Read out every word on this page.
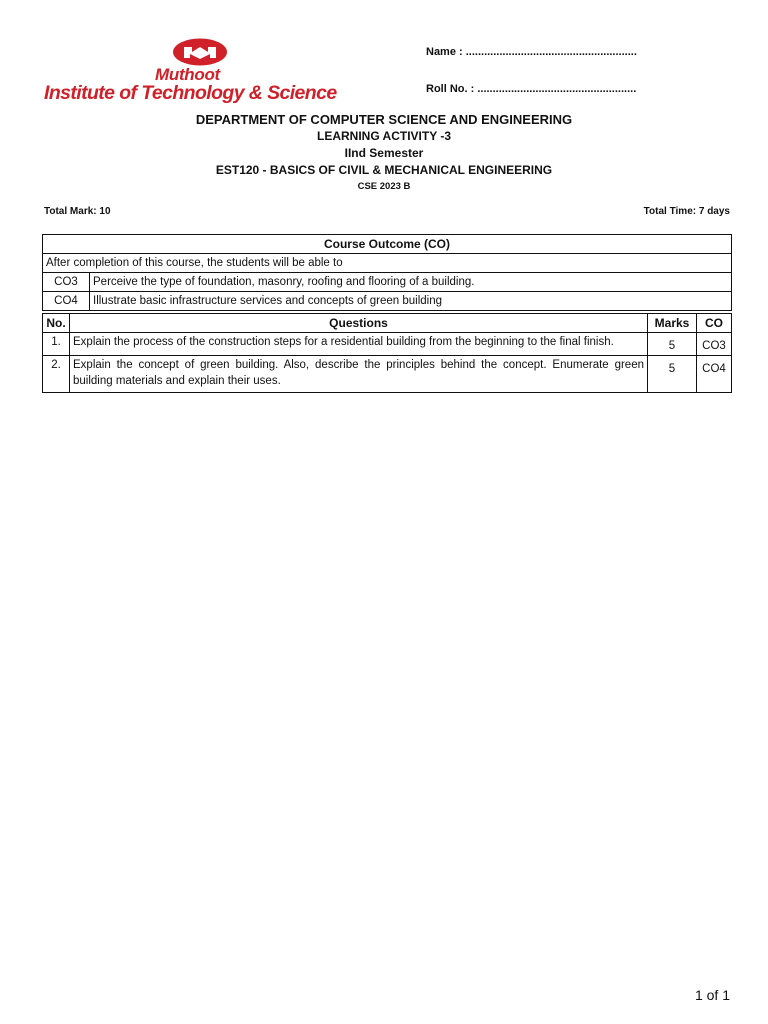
Muthoot
Institute of Technology & Science
Name : ........................................................
Roll No. : ....................................................
DEPARTMENT OF COMPUTER SCIENCE AND ENGINEERING
LEARNING ACTIVITY -3
IInd Semester
EST120 - BASICS OF CIVIL & MECHANICAL ENGINEERING
CSE 2023 B
Total Mark: 10	Total Time: 7 days
Course Outcome (CO)	
After completion of this course, the students will be able to	
CO3	Perceive the type of foundation, masonry, roofing and flooring of a building.
CO4	Illustrate basic infrastructure services and concepts of green building
No.	Questions	Marks	CO
1.	Explain the process of the construction steps for a residential building from the beginning to the final finish.	5	CO3
2.	Explain the concept of green building. Also, describe the principles behind the concept. Enumerate green building materials and explain their uses.	5	CO4
1 of 1
